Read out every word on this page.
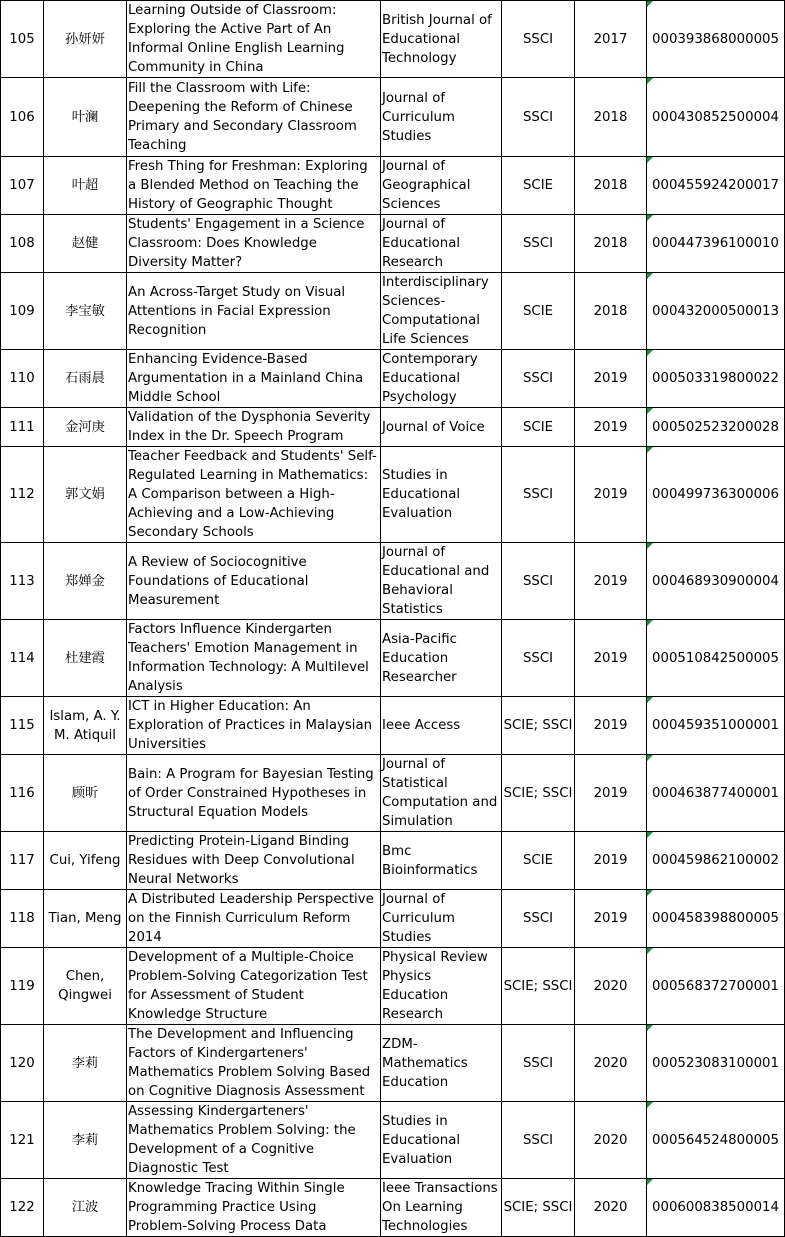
105	孙妍妍	Learning Outside of Classroom: Exploring the Active Part of An Informal Online English Learning Community in China	British Journal of Educational Technology	SSCI	2017	000393868000005
106	叶澜	Fill the Classroom with Life: Deepening the Reform of Chinese Primary and Secondary Classroom Teaching	Journal of Curriculum Studies	SSCI	2018	000430852500004
107	叶超	Fresh Thing for Freshman: Exploring a Blended Method on Teaching the History of Geographic Thought	Journal of Geographical Sciences	SCIE	2018	000455924200017
108	赵健	Students' Engagement in a Science Classroom: Does Knowledge Diversity Matter?	Journal of Educational Research	SSCI	2018	000447396100010
109	李宝敏	An Across-Target Study on Visual Attentions in Facial Expression Recognition	Interdisciplinary Sciences-Computational Life Sciences	SCIE	2018	000432000500013
110	石雨晨	Enhancing Evidence-Based Argumentation in a Mainland China Middle School	Contemporary Educational Psychology	SSCI	2019	000503319800022
111	金河庚	Validation of the Dysphonia Severity Index in the Dr. Speech Program	Journal of Voice	SCIE	2019	000502523200028
112	郭文娟	Teacher Feedback and Students' Self-Regulated Learning in Mathematics: A Comparison between a High-Achieving and a Low-Achieving Secondary Schools	Studies in Educational Evaluation	SSCI	2019	000499736300006
113	郑婵金	A Review of Sociocognitive Foundations of Educational Measurement	Journal of Educational and Behavioral Statistics	SSCI	2019	000468930900004
114	杜建霞	Factors Influence Kindergarten Teachers' Emotion Management in Information Technology: A Multilevel Analysis	Asia-Pacific Education Researcher	SSCI	2019	000510842500005
115	Islam, A. Y. M. Atiquil	ICT in Higher Education: An Exploration of Practices in Malaysian Universities	Ieee Access	SCIE; SSCI	2019	000459351000001
116	顾昕	Bain: A Program for Bayesian Testing of Order Constrained Hypotheses in Structural Equation Models	Journal of Statistical Computation and Simulation	SCIE; SSCI	2019	000463877400001
117	Cui, Yifeng	Predicting Protein-Ligand Binding Residues with Deep Convolutional Neural Networks	Bmc Bioinformatics	SCIE	2019	000459862100002
118	Tian, Meng	A Distributed Leadership Perspective on the Finnish Curriculum Reform 2014	Journal of Curriculum Studies	SSCI	2019	000458398800005
119	Chen, Qingwei	Development of a Multiple-Choice Problem-Solving Categorization Test for Assessment of Student Knowledge Structure	Physical Review Physics Education Research	SCIE; SSCI	2020	000568372700001
120	李莉	The Development and Influencing Factors of Kindergarteners' Mathematics Problem Solving Based on Cognitive Diagnosis Assessment	ZDM-Mathematics Education	SSCI	2020	000523083100001
121	李莉	Assessing Kindergarteners' Mathematics Problem Solving: the Development of a Cognitive Diagnostic Test	Studies in Educational Evaluation	SSCI	2020	000564524800005
122	江波	Knowledge Tracing Within Single Programming Practice Using Problem-Solving Process Data	Ieee Transactions On Learning Technologies	SCIE; SSCI	2020	000600838500014
